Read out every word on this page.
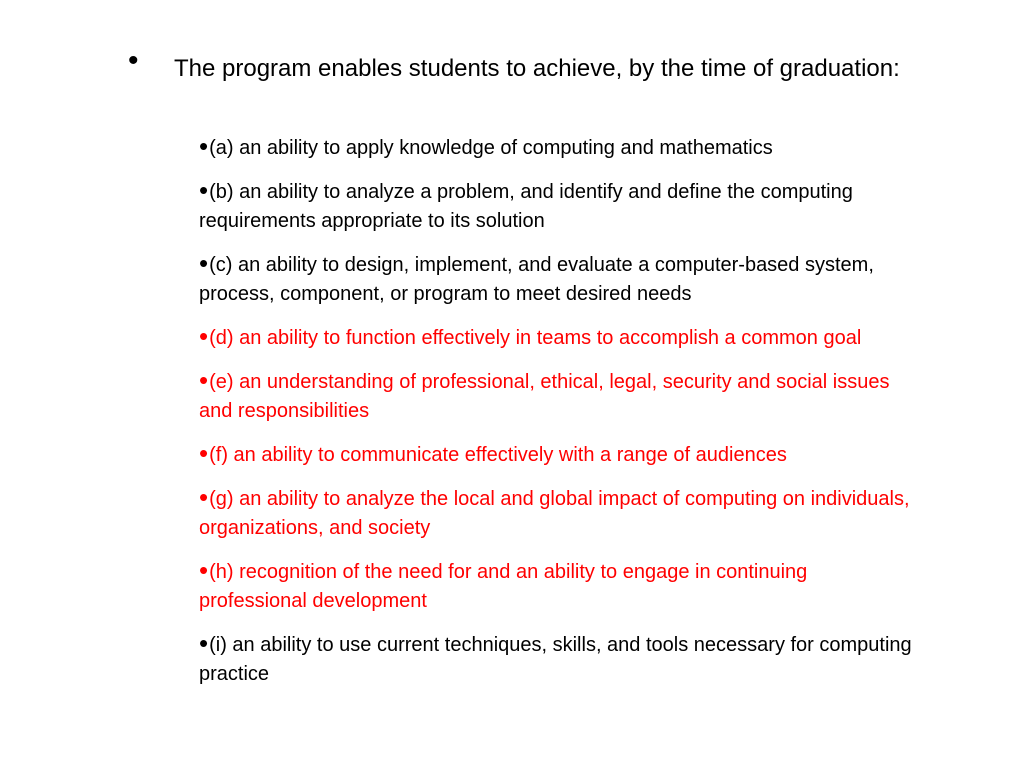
• The program enables students to achieve, by the time of graduation:
•(a) an ability to apply knowledge of computing and mathematics
•(b) an ability to analyze a problem, and identify and define the computing requirements appropriate to its solution
•(c) an ability to design, implement, and evaluate a computer-based system, process, component, or program to meet desired needs
•(d) an ability to function effectively in teams to accomplish a common goal
•(e) an understanding of professional, ethical, legal, security and social issues and responsibilities
•(f) an ability to communicate effectively with a range of audiences
•(g) an ability to analyze the local and global impact of computing on individuals, organizations, and society
•(h) recognition of the need for and an ability to engage in continuing professional development
•(i) an ability to use current techniques, skills, and tools necessary for computing practice
